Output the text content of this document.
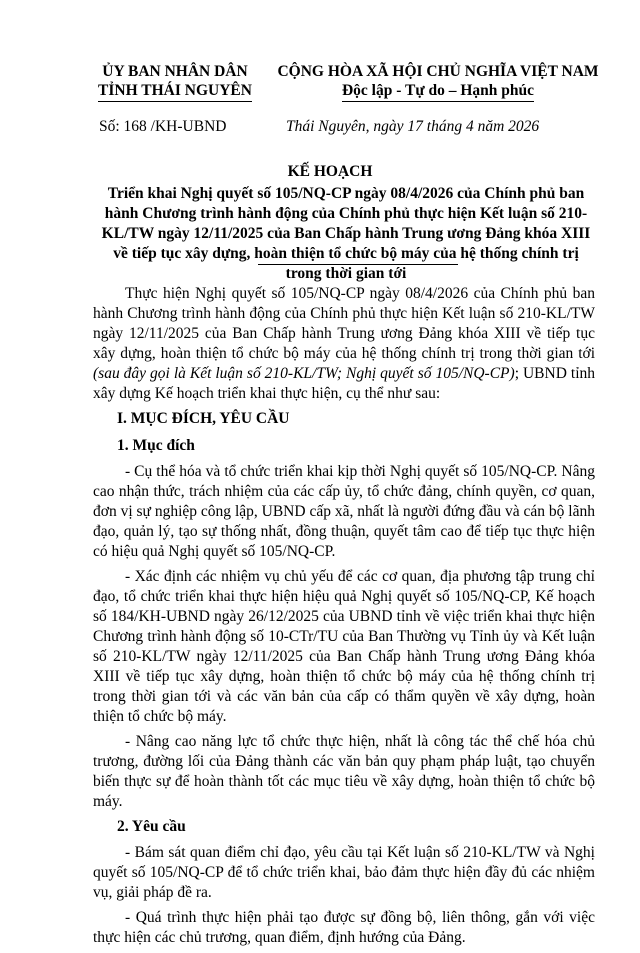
ỦY BAN NHÂN DÂN
TỈNH THÁI NGUYÊN
CỘNG HÒA XÃ HỘI CHỦ NGHĨA VIỆT NAM
Độc lập - Tự do – Hạnh phúc
Số: 168 /KH-UBND	Thái Nguyên, ngày 17 tháng 4 năm 2026
KẾ HOẠCH
Triển khai Nghị quyết số 105/NQ-CP ngày 08/4/2026 của Chính phủ ban hành Chương trình hành động của Chính phủ thực hiện Kết luận số 210-KL/TW ngày 12/11/2025 của Ban Chấp hành Trung ương Đảng khóa XIII về tiếp tục xây dựng, hoàn thiện tổ chức bộ máy của hệ thống chính trị trong thời gian tới

Thực hiện Nghị quyết số 105/NQ-CP ngày 08/4/2026 của Chính phủ ban hành Chương trình hành động của Chính phủ thực hiện Kết luận số 210-KL/TW ngày 12/11/2025 của Ban Chấp hành Trung ương Đảng khóa XIII về tiếp tục xây dựng, hoàn thiện tổ chức bộ máy của hệ thống chính trị trong thời gian tới (sau đây gọi là Kết luận số 210-KL/TW; Nghị quyết số 105/NQ-CP); UBND tỉnh xây dựng Kế hoạch triển khai thực hiện, cụ thể như sau:

I. MỤC ĐÍCH, YÊU CẦU
1. Mục đích

- Cụ thể hóa và tổ chức triển khai kịp thời Nghị quyết số 105/NQ-CP. Nâng cao nhận thức, trách nhiệm của các cấp ủy, tổ chức đảng, chính quyền, cơ quan, đơn vị sự nghiệp công lập, UBND cấp xã, nhất là người đứng đầu và cán bộ lãnh đạo, quản lý, tạo sự thống nhất, đồng thuận, quyết tâm cao để tiếp tục thực hiện có hiệu quả Nghị quyết số 105/NQ-CP.

- Xác định các nhiệm vụ chủ yếu để các cơ quan, địa phương tập trung chỉ đạo, tổ chức triển khai thực hiện hiệu quả Nghị quyết số 105/NQ-CP, Kế hoạch số 184/KH-UBND ngày 26/12/2025 của UBND tỉnh về việc triển khai thực hiện Chương trình hành động số 10-CTr/TU của Ban Thường vụ Tỉnh ủy và Kết luận số 210-KL/TW ngày 12/11/2025 của Ban Chấp hành Trung ương Đảng khóa XIII về tiếp tục xây dựng, hoàn thiện tổ chức bộ máy của hệ thống chính trị trong thời gian tới và các văn bản của cấp có thẩm quyền về xây dựng, hoàn thiện tổ chức bộ máy.

- Nâng cao năng lực tổ chức thực hiện, nhất là công tác thể chế hóa chủ trương, đường lối của Đảng thành các văn bản quy phạm pháp luật, tạo chuyển biến thực sự để hoàn thành tốt các mục tiêu về xây dựng, hoàn thiện tổ chức bộ máy.

2. Yêu cầu

- Bám sát quan điểm chỉ đạo, yêu cầu tại Kết luận số 210-KL/TW và Nghị quyết số 105/NQ-CP để tổ chức triển khai, bảo đảm thực hiện đầy đủ các nhiệm vụ, giải pháp đề ra.

- Quá trình thực hiện phải tạo được sự đồng bộ, liên thông, gắn với việc thực hiện các chủ trương, quan điểm, định hướng của Đảng.
